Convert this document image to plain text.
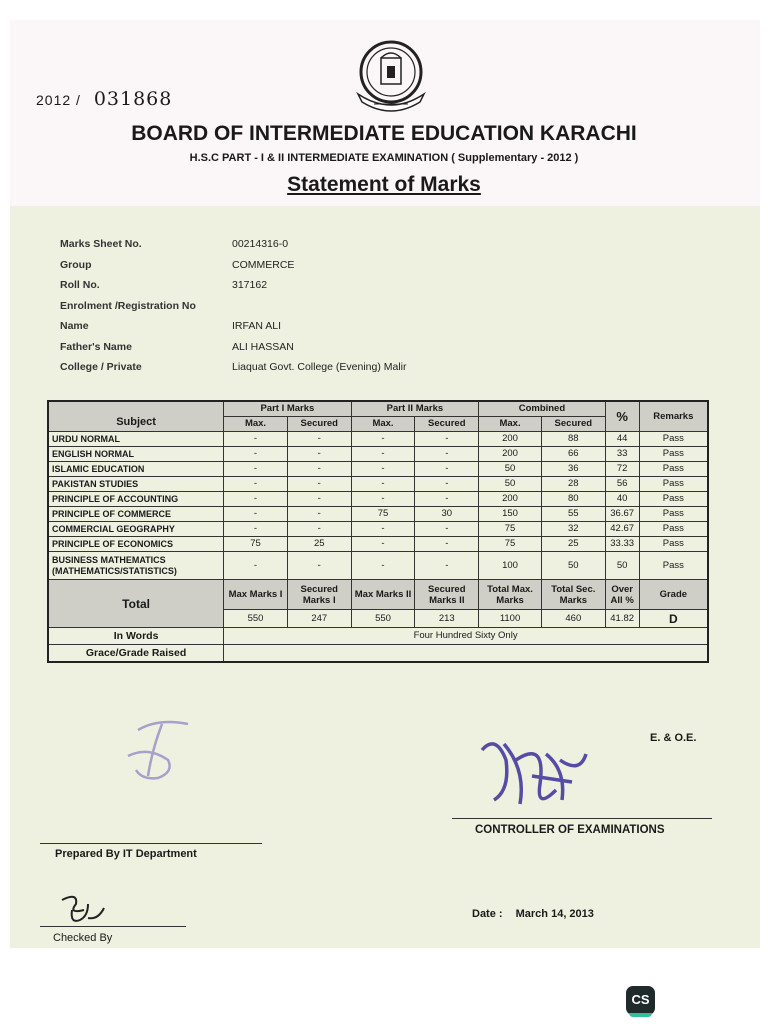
2012 / 031868
BOARD OF INTERMEDIATE EDUCATION KARACHI
H.S.C PART - I & II INTERMEDIATE EXAMINATION ( Supplementary - 2012 )
Statement of Marks
Marks Sheet No.	00214316-0
Group	COMMERCE
Roll No.	317162
Enrolment /Registration No
Name	IRFAN ALI
Father's Name	ALI HASSAN
College / Private	Liaquat Govt. College (Evening) Malir
Subject	Part I Marks		Part II Marks		Combined		%	Remarks
	Max.	Secured	Max.	Secured	Max.	Secured		
URDU NORMAL	-	-	-	-	200	88	44	Pass
ENGLISH NORMAL	-	-	-	-	200	66	33	Pass
ISLAMIC EDUCATION	-	-	-	-	50	36	72	Pass
PAKISTAN STUDIES	-	-	-	-	50	28	56	Pass
PRINCIPLE OF ACCOUNTING	-	-	-	-	200	80	40	Pass
PRINCIPLE OF COMMERCE	-	-	75	30	150	55	36.67	Pass
COMMERCIAL GEOGRAPHY	-	-	-	-	75	32	42.67	Pass
PRINCIPLE OF ECONOMICS	75	25	-	-	75	25	33.33	Pass
BUSINESS MATHEMATICS (MATHEMATICS/STATISTICS)	-	-	-	-	100	50	50	Pass
Total	Max Marks I	Secured Marks I	Max Marks II	Secured Marks II	Total Max. Marks	Total Sec. Marks	Over All %	Grade
	550	247	550	213	1100	460	41.82	D
In Words	Four Hundred Sixty Only							
Grace/Grade Raised								
E. & O.E.
CONTROLLER OF EXAMINATIONS
Prepared By IT Department
Checked By
Date : March 14, 2013
CS
